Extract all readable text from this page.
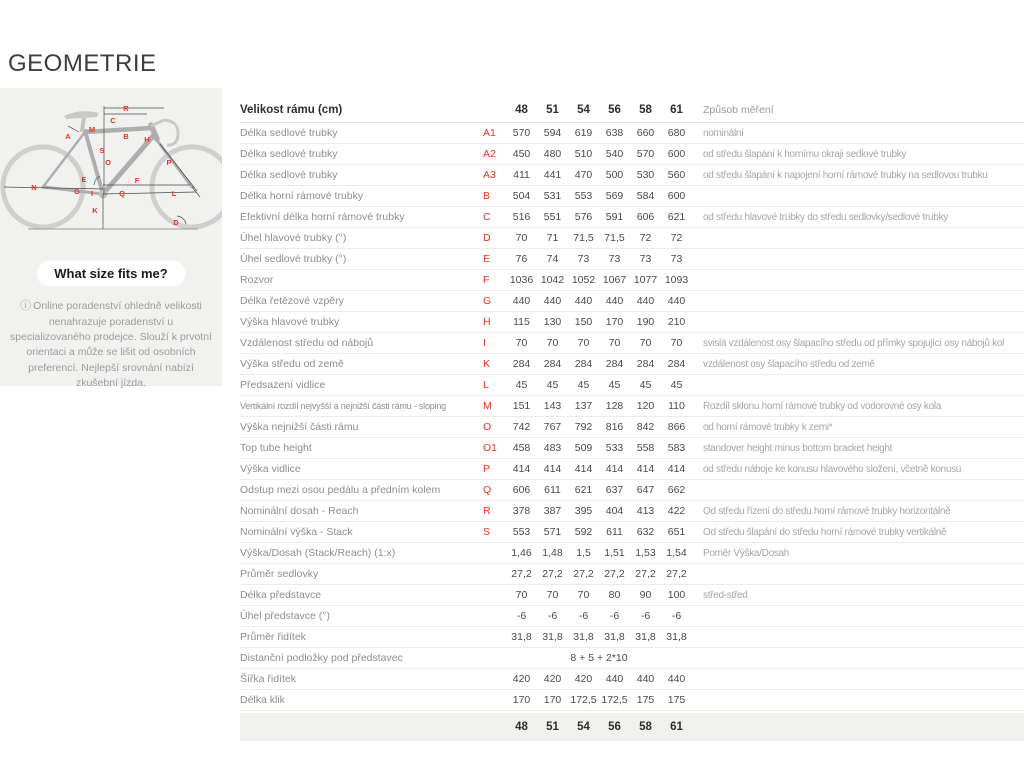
GEOMETRIE
A	B
C
D
E	F
G
H
I
K
L
M
N
O	P
Q
R
S
What size fits me?

ⓘ Online poradenství ohledně velikosti nenahrazuje poradenství u specializovaného prodejce. Slouží k prvotní orientaci a může se lišit od osobních preferencí. Nejlepší srovnání nabízí zkušební jízda.

Velikost rámu (cm)	48	51	54	56	58	61	Způsob měření
Délka sedlové trubky	A1	570	594	619	638	660	680	nominální
Délka sedlové trubky	A2	450	480	510	540	570	600	od středu šlapání k hornímu okraji sedlové trubky
Délka sedlové trubky	A3	411	441	470	500	530	560	od středu šlapání k napojení horní rámové trubky na sedlovou trubku
Délka horní rámové trubky	B	504	531	553	569	584	600
Efektivní délka horní rámové trubky	C	516	551	576	591	606	621	od středu hlavové trubky do středu sedlovky/sedlové trubky
Úhel hlavové trubky (°)	D	70	71	71,5	71,5	72	72
Úhel sedlové trubky (°)	E	76	74	73	73	73	73
Rozvor	F	1036 1042 1052 1067 1077 1093
Délka řetězové vzpěry	G	440	440	440	440	440	440
Výška hlavové trubky	H	115	130	150	170	190	210
Vzdálenost středu od nábojů	I	70	70	70	70	70	70	svislá vzdálenost osy šlapacího středu od přímky spojující osy nábojů kol
Výška středu od země	K	284	284	284	284	284	284	vzdálenost osy šlapacího středu od země
Předsazení vidlice	L	45	45	45	45	45	45
Vertikální rozdíl nejvyšší a nejnižší části rámu - sloping	M	151	143	137	128	120	110	Rozdíl sklonu horní rámové trubky od vodorovné osy kola
Výška nejnižší části rámu	O	742	767	792	816	842	866	od horní rámové trubky k zemi*
Top tube height	O1	458	483	509	533	558	583	standover height minus bottom bracket height
Výška vidlice	P	414	414	414	414	414	414	od středu náboje ke konusu hlavového složení, včetně konusu
Odstup mezi osou pedálu a předním kolem	Q	606	611	621	637	647	662
Nominální dosah - Reach	R	378	387	395	404	413	422	Od středu řízení do středu horní rámové trubky horizontálně
Nominální výška - Stack	S	553	571	592	611	632	651	Od středu šlapání do středu horní rámové trubky vertikálně
Výška/Dosah (Stack/Reach) (1:x)	1,46	1,48	1,5	1,51	1,53	1,54	Poměr Výška/Dosah
Průměr sedlovky	27,2	27,2	27,2	27,2	27,2	27,2
Délka představce	70	70	70	80	90	100	střed-střed
Úhel představce (°)	-6	-6	-6	-6	-6	-6
Průměr řidítek	31,8	31,8	31,8	31,8	31,8	31,8
Distanční podložky pod představec	8 + 5 + 2*10
Šířka řidítek	420	420	420	440	440	440
Délka klik	170	170 172,5 172,5 175	175
48	51	54	56	58	61
